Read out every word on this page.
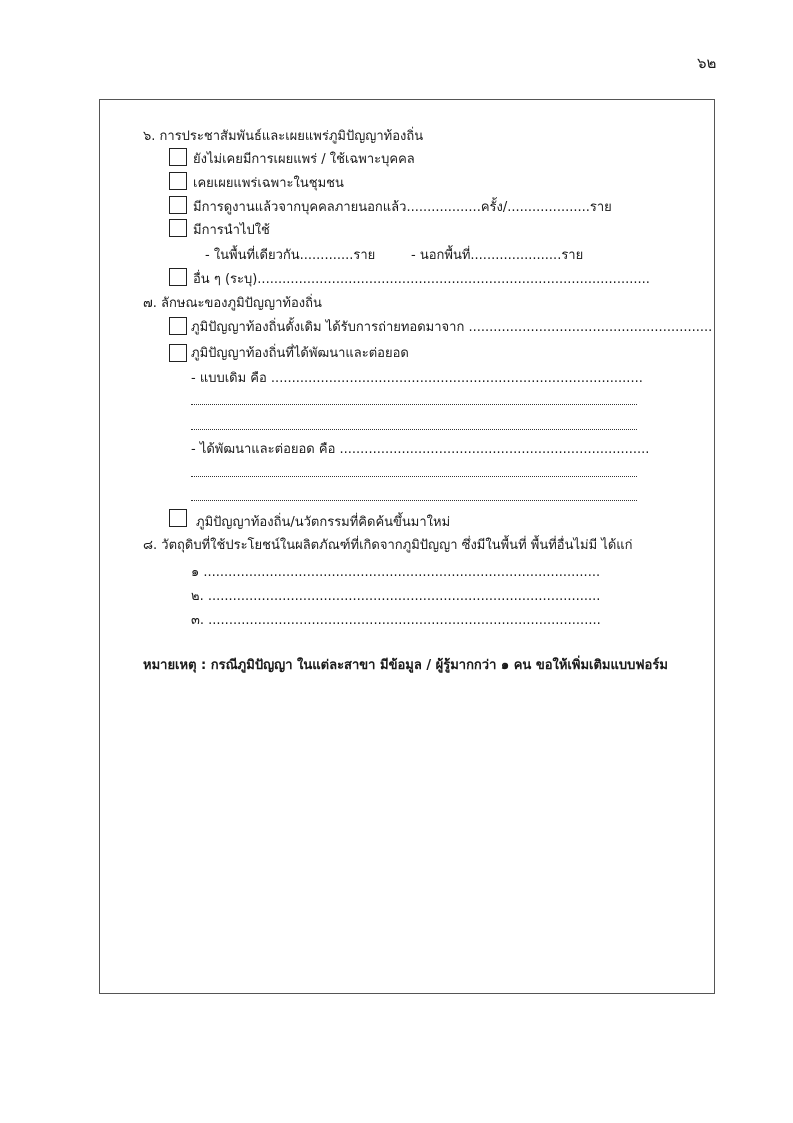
๖๒
๖. การประชาสัมพันธ์และเผยแพร่ภูมิปัญญาท้องถิ่น
ยังไม่เคยมีการเผยแพร่ / ใช้เฉพาะบุคคล
เคยเผยแพร่เฉพาะในชุมชน
มีการดูงานแล้วจากบุคคลภายนอกแล้ว..................ครั้ง/....................ราย
มีการนำไปใช้
- ในพื้นที่เดียวกัน.............ราย	- นอกพื้นที่......................ราย
อื่น ๆ (ระบุ)...............................................................................................
๗. ลักษณะของภูมิปัญญาท้องถิ่น
ภูมิปัญญาท้องถิ่นดั้งเดิม ได้รับการถ่ายทอดมาจาก ...........................................................
ภูมิปัญญาท้องถิ่นที่ได้พัฒนาและต่อยอด
- แบบเดิม คือ ..........................................................................................
- ได้พัฒนาและต่อยอด คือ ...........................................................................
ภูมิปัญญาท้องถิ่น/นวัตกรรมที่คิดค้นขึ้นมาใหม่
๘. วัตถุดิบที่ใช้ประโยชน์ในผลิตภัณฑ์ที่เกิดจากภูมิปัญญา ซึ่งมีในพื้นที่ พื้นที่อื่นไม่มี ได้แก่
๑ ................................................................................................
๒. ...............................................................................................
๓. ...............................................................................................
หมายเหตุ : กรณีภูมิปัญญา ในแต่ละสาขา มีข้อมูล / ผู้รู้มากกว่า ๑ คน ขอให้เพิ่มเติมแบบฟอร์ม
